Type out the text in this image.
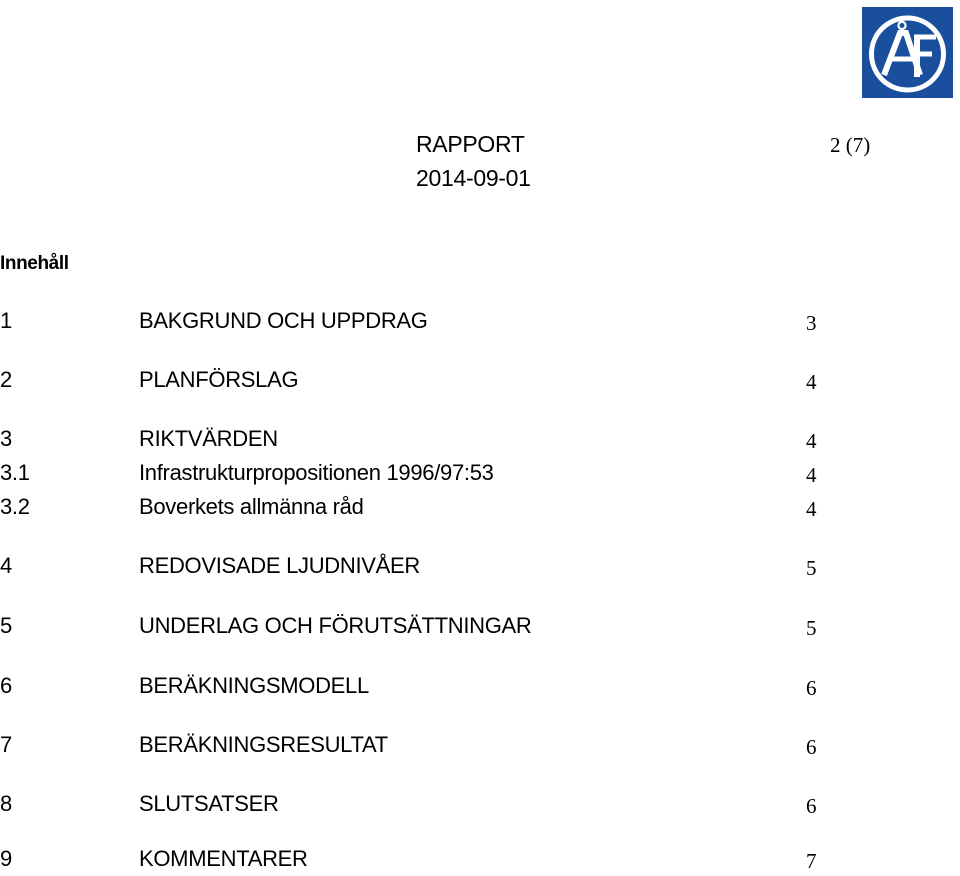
RAPPORT
2014-09-01
2 (7)
Innehåll
1	BAKGRUND OCH UPPDRAG	3
2	PLANFÖRSLAG	4
3	RIKTVÄRDEN	4
3.1	Infrastrukturpropositionen 1996/97:53	4
3.2	Boverkets allmänna råd	4
4	REDOVISADE LJUDNIVÅER	5
5	UNDERLAG OCH FÖRUTSÄTTNINGAR	5
6	BERÄKNINGSMODELL	6
7	BERÄKNINGSRESULTAT	6
8	SLUTSATSER	6
9	KOMMENTARER	7
